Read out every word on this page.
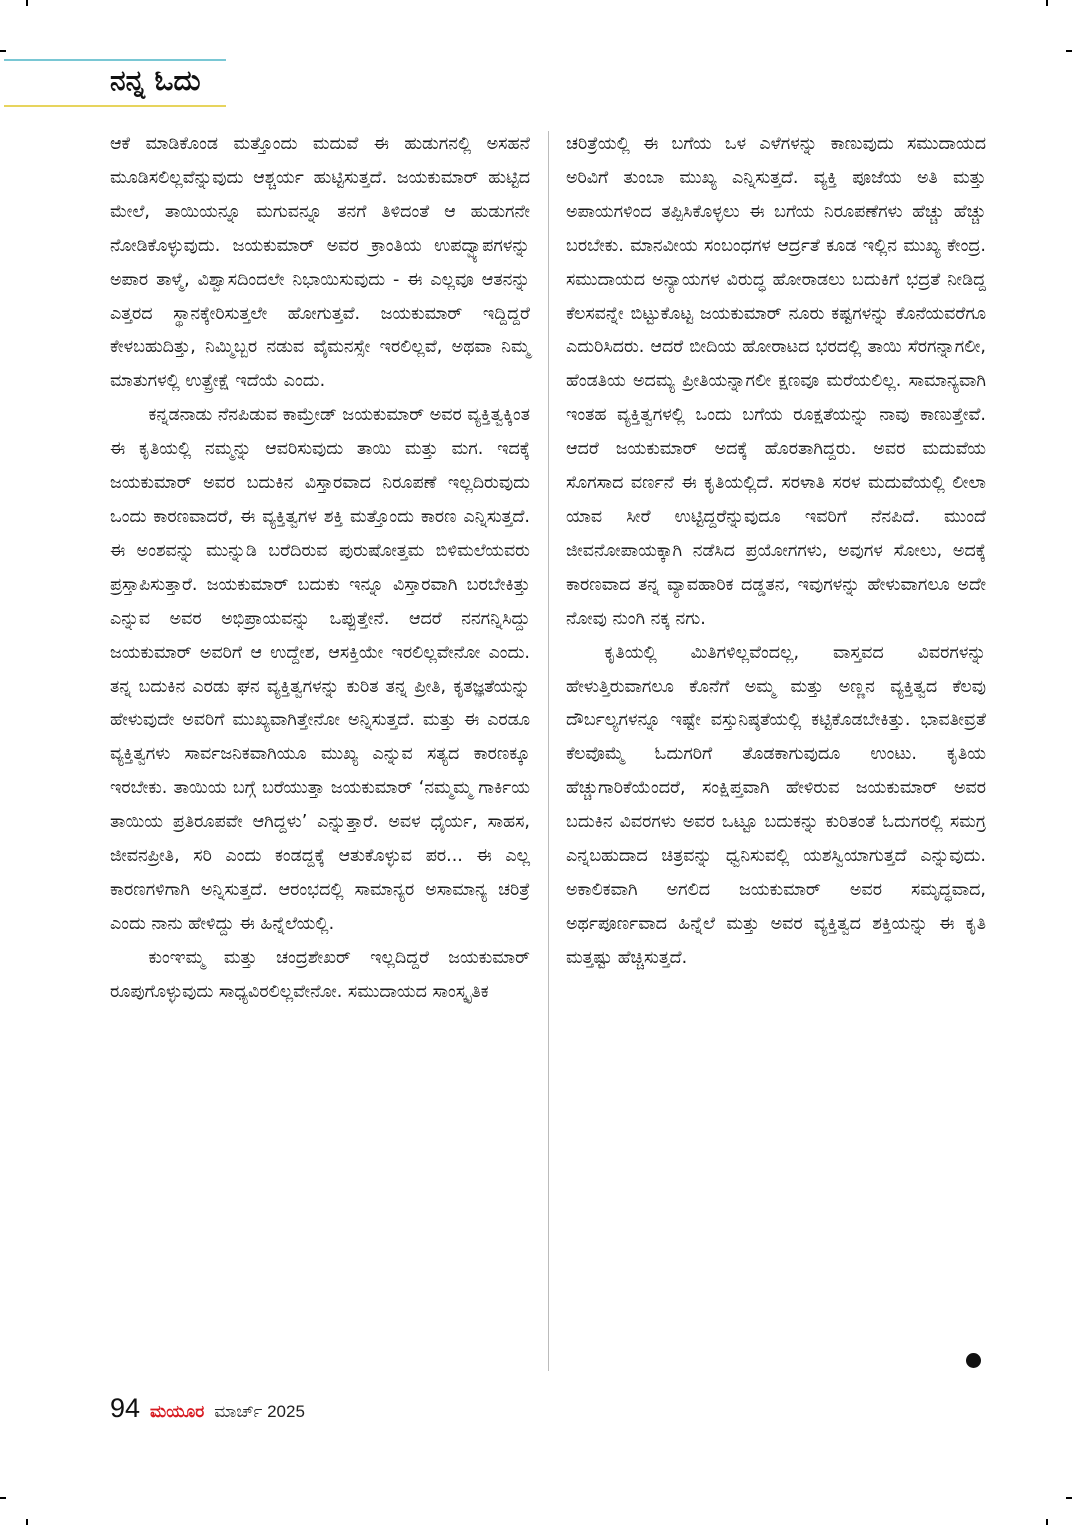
ನನ್ನ ಓದು

ಆಕೆ ಮಾಡಿಕೊಂಡ ಮತ್ತೊಂದು ಮದುವೆ ಈ ಹುಡುಗನಲ್ಲಿ ಅಸಹನೆ ಮೂಡಿಸಲಿಲ್ಲವೆನ್ನುವುದು ಆಶ್ಚರ್ಯ ಹುಟ್ಟಿಸುತ್ತದೆ. ಜಯಕುಮಾರ್ ಹುಟ್ಟಿದ ಮೇಲೆ, ತಾಯಿಯನ್ನೂ ಮಗುವನ್ನೂ ತನಗೆ ತಿಳಿದಂತೆ ಆ ಹುಡುಗನೇ ನೋಡಿಕೊಳ್ಳುವುದು. ಜಯಕುಮಾರ್ ಅವರ ಕ್ರಾಂತಿಯ ಉಪದ್ವ್ಯಾಪಗಳನ್ನು ಅಪಾರ ತಾಳ್ಮೆ, ವಿಶ್ವಾಸದಿಂದಲೇ ನಿಭಾಯಿಸುವುದು - ಈ ಎಲ್ಲವೂ ಆತನನ್ನು ಎತ್ತರದ ಸ್ಥಾನಕ್ಕೇರಿಸುತ್ತಲೇ ಹೋಗುತ್ತವೆ. ಜಯಕುಮಾರ್ ಇದ್ದಿದ್ದರೆ ಕೇಳಬಹುದಿತ್ತು, ನಿಮ್ಮಿಬ್ಬರ ನಡುವ ವೈಮನಸ್ಸೇ ಇರಲಿಲ್ಲವೆ, ಅಥವಾ ನಿಮ್ಮ ಮಾತುಗಳಲ್ಲಿ ಉತ್ಪ್ರೇಕ್ಷೆ ಇದೆಯೆ ಎಂದು.

ಕನ್ನಡನಾಡು ನೆನಪಿಡುವ ಕಾಮ್ರೇಡ್ ಜಯಕುಮಾರ್ ಅವರ ವ್ಯಕ್ತಿತ್ವಕ್ಕಿಂತ ಈ ಕೃತಿಯಲ್ಲಿ ನಮ್ಮನ್ನು ಆವರಿಸುವುದು ತಾಯಿ ಮತ್ತು ಮಗ. ಇದಕ್ಕೆ ಜಯಕುಮಾರ್ ಅವರ ಬದುಕಿನ ವಿಸ್ತಾರವಾದ ನಿರೂಪಣೆ ಇಲ್ಲದಿರುವುದು ಒಂದು ಕಾರಣವಾದರೆ, ಈ ವ್ಯಕ್ತಿತ್ವಗಳ ಶಕ್ತಿ ಮತ್ತೊಂದು ಕಾರಣ ಎನ್ನಿಸುತ್ತದೆ. ಈ ಅಂಶವನ್ನು ಮುನ್ನುಡಿ ಬರೆದಿರುವ ಪುರುಷೋತ್ತಮ ಬಿಳಿಮಲೆಯವರು ಪ್ರಸ್ತಾಪಿಸುತ್ತಾರೆ. ಜಯಕುಮಾರ್ ಬದುಕು ಇನ್ನೂ ವಿಸ್ತಾರವಾಗಿ ಬರಬೇಕಿತ್ತು ಎನ್ನುವ ಅವರ ಅಭಿಪ್ರಾಯವನ್ನು ಒಪ್ಪುತ್ತೇನೆ. ಆದರೆ ನನಗನ್ನಿಸಿದ್ದು ಜಯಕುಮಾರ್ ಅವರಿಗೆ ಆ ಉದ್ದೇಶ, ಆಸಕ್ತಿಯೇ ಇರಲಿಲ್ಲವೇನೋ ಎಂದು. ತನ್ನ ಬದುಕಿನ ಎರಡು ಘನ ವ್ಯಕ್ತಿತ್ವಗಳನ್ನು ಕುರಿತ ತನ್ನ ಪ್ರೀತಿ, ಕೃತಜ್ಞತೆಯನ್ನು ಹೇಳುವುದೇ ಅವರಿಗೆ ಮುಖ್ಯವಾಗಿತ್ತೇನೋ ಅನ್ನಿಸುತ್ತದೆ. ಮತ್ತು ಈ ಎರಡೂ ವ್ಯಕ್ತಿತ್ವಗಳು ಸಾರ್ವಜನಿಕವಾಗಿಯೂ ಮುಖ್ಯ ಎನ್ನುವ ಸತ್ಯದ ಕಾರಣಕ್ಕೂ ಇರಬೇಕು. ತಾಯಿಯ ಬಗ್ಗೆ ಬರೆಯುತ್ತಾ ಜಯಕುಮಾರ್ ‘ನಮ್ಮಮ್ಮ ಗಾರ್ಕಿಯ ತಾಯಿಯ ಪ್ರತಿರೂಪವೇ ಆಗಿದ್ದಳು’ ಎನ್ನುತ್ತಾರೆ. ಅವಳ ಧೈರ್ಯ, ಸಾಹಸ, ಜೀವನಪ್ರೀತಿ, ಸರಿ ಎಂದು ಕಂಡದ್ದಕ್ಕೆ ಆತುಕೊಳ್ಳುವ ಪರ... ಈ ಎಲ್ಲ ಕಾರಣಗಳಿಗಾಗಿ ಅನ್ನಿಸುತ್ತದೆ. ಆರಂಭದಲ್ಲಿ ಸಾಮಾನ್ಯರ ಅಸಾಮಾನ್ಯ ಚರಿತ್ರೆ ಎಂದು ನಾನು ಹೇಳಿದ್ದು ಈ ಹಿನ್ನೆಲೆಯಲ್ಲಿ.

ಕುಂಞಮ್ಮ ಮತ್ತು ಚಂದ್ರಶೇಖರ್ ಇಲ್ಲದಿದ್ದರೆ ಜಯಕುಮಾರ್ ರೂಪುಗೊಳ್ಳುವುದು ಸಾಧ್ಯವಿರಲಿಲ್ಲವೇನೋ. ಸಮುದಾಯದ ಸಾಂಸ್ಕೃತಿಕ

ಚರಿತ್ರೆಯಲ್ಲಿ ಈ ಬಗೆಯ ಒಳ ಎಳೆಗಳನ್ನು ಕಾಣುವುದು ಸಮುದಾಯದ ಅರಿವಿಗೆ ತುಂಬಾ ಮುಖ್ಯ ಎನ್ನಿಸುತ್ತದೆ. ವ್ಯಕ್ತಿ ಪೂಜೆಯ ಅತಿ ಮತ್ತು ಅಪಾಯಗಳಿಂದ ತಪ್ಪಿಸಿಕೊಳ್ಳಲು ಈ ಬಗೆಯ ನಿರೂಪಣೆಗಳು ಹೆಚ್ಚು ಹೆಚ್ಚು ಬರಬೇಕು. ಮಾನವೀಯ ಸಂಬಂಧಗಳ ಆರ್ದ್ರತೆ ಕೂಡ ಇಲ್ಲಿನ ಮುಖ್ಯ ಕೇಂದ್ರ. ಸಮುದಾಯದ ಅನ್ಯಾಯಗಳ ವಿರುದ್ಧ ಹೋರಾಡಲು ಬದುಕಿಗೆ ಭದ್ರತೆ ನೀಡಿದ್ದ ಕೆಲಸವನ್ನೇ ಬಿಟ್ಟುಕೊಟ್ಟ ಜಯಕುಮಾರ್ ನೂರು ಕಷ್ಟಗಳನ್ನು ಕೊನೆಯವರೆಗೂ ಎದುರಿಸಿದರು. ಆದರೆ ಬೀದಿಯ ಹೋರಾಟದ ಭರದಲ್ಲಿ ತಾಯಿ ಸೆರಗನ್ನಾಗಲೀ, ಹೆಂಡತಿಯ ಅದಮ್ಯ ಪ್ರೀತಿಯನ್ನಾಗಲೀ ಕ್ಷಣವೂ ಮರೆಯಲಿಲ್ಲ. ಸಾಮಾನ್ಯವಾಗಿ ಇಂತಹ ವ್ಯಕ್ತಿತ್ವಗಳಲ್ಲಿ ಒಂದು ಬಗೆಯ ರೂಕ್ಷತೆಯನ್ನು ನಾವು ಕಾಣುತ್ತೇವೆ. ಆದರೆ ಜಯಕುಮಾರ್ ಅದಕ್ಕೆ ಹೊರತಾಗಿದ್ದರು. ಅವರ ಮದುವೆಯ ಸೊಗಸಾದ ವರ್ಣನೆ ಈ ಕೃತಿಯಲ್ಲಿದೆ. ಸರಳಾತಿ ಸರಳ ಮದುವೆಯಲ್ಲಿ ಲೀಲಾ ಯಾವ ಸೀರೆ ಉಟ್ಟಿದ್ದರೆನ್ನುವುದೂ ಇವರಿಗೆ ನೆನಪಿದೆ. ಮುಂದೆ ಜೀವನೋಪಾಯಕ್ಕಾಗಿ ನಡೆಸಿದ ಪ್ರಯೋಗಗಳು, ಅವುಗಳ ಸೋಲು, ಅದಕ್ಕೆ ಕಾರಣವಾದ ತನ್ನ ವ್ಯಾವಹಾರಿಕ ದಡ್ಡತನ, ಇವುಗಳನ್ನು ಹೇಳುವಾಗಲೂ ಅದೇ ನೋವು ನುಂಗಿ ನಕ್ಕ ನಗು.

ಕೃತಿಯಲ್ಲಿ ಮಿತಿಗಳಿಲ್ಲವೆಂದಲ್ಲ, ವಾಸ್ತವದ ವಿವರಗಳನ್ನು ಹೇಳುತ್ತಿರುವಾಗಲೂ ಕೊನೆಗೆ ಅಮ್ಮ ಮತ್ತು ಅಣ್ಣನ ವ್ಯಕ್ತಿತ್ವದ ಕೆಲವು ದೌರ್ಬಲ್ಯಗಳನ್ನೂ ಇಷ್ಟೇ ವಸ್ತುನಿಷ್ಠತೆಯಲ್ಲಿ ಕಟ್ಟಿಕೊಡಬೇಕಿತ್ತು. ಭಾವತೀವ್ರತೆ ಕೆಲವೊಮ್ಮೆ ಓದುಗರಿಗೆ ತೊಡಕಾಗುವುದೂ ಉಂಟು. ಕೃತಿಯ ಹೆಚ್ಚುಗಾರಿಕೆಯೆಂದರೆ, ಸಂಕ್ಷಿಪ್ತವಾಗಿ ಹೇಳಿರುವ ಜಯಕುಮಾರ್ ಅವರ ಬದುಕಿನ ವಿವರಗಳು ಅವರ ಒಟ್ಟೂ ಬದುಕನ್ನು ಕುರಿತಂತೆ ಓದುಗರಲ್ಲಿ ಸಮಗ್ರ ಎನ್ನಬಹುದಾದ ಚಿತ್ರವನ್ನು ಧ್ವನಿಸುವಲ್ಲಿ ಯಶಸ್ವಿಯಾಗುತ್ತದೆ ಎನ್ನುವುದು. ಅಕಾಲಿಕವಾಗಿ ಅಗಲಿದ ಜಯಕುಮಾರ್ ಅವರ ಸಮೃದ್ಧವಾದ, ಅರ್ಥಪೂರ್ಣವಾದ ಹಿನ್ನೆಲೆ ಮತ್ತು ಅವರ ವ್ಯಕ್ತಿತ್ವದ ಶಕ್ತಿಯನ್ನು ಈ ಕೃತಿ ಮತ್ತಷ್ಟು ಹೆಚ್ಚಿಸುತ್ತದೆ.

94 ಮಯೂರ ಮಾರ್ಚ್ 2025
